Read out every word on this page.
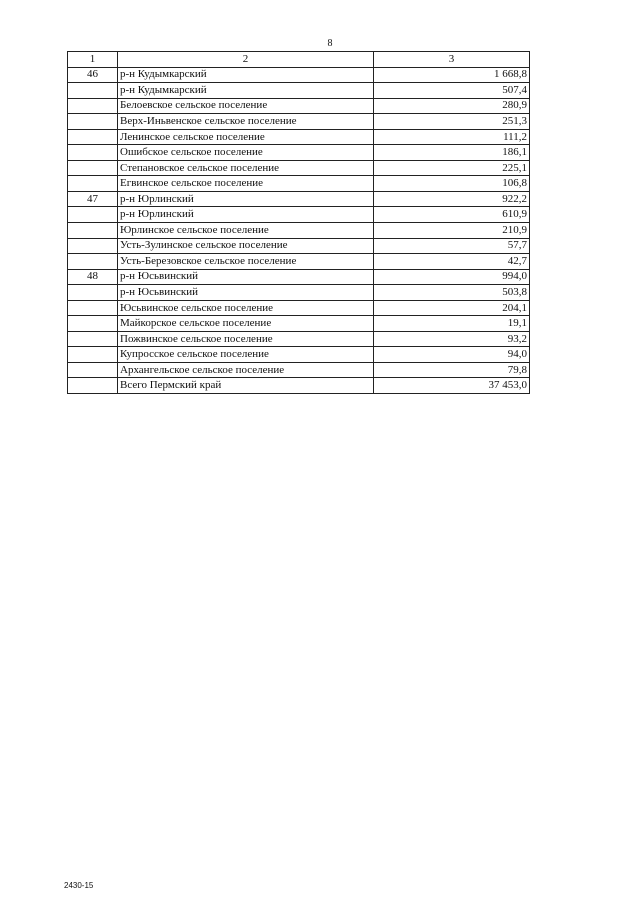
8
1	2	3
46	р-н Кудымкарский	1 668,8
	р-н Кудымкарский	507,4
	Белоевское сельское поселение	280,9
	Верх-Иньвенское сельское поселение	251,3
	Ленинское сельское поселение	111,2
	Ошибское сельское поселение	186,1
	Степановское сельское поселение	225,1
	Егвинское сельское поселение	106,8
47	р-н Юрлинский	922,2
	р-н Юрлинский	610,9
	Юрлинское сельское поселение	210,9
	Усть-Зулинское сельское поселение	57,7
	Усть-Березовское сельское поселение	42,7
48	р-н Юсьвинский	994,0
	р-н Юсьвинский	503,8
	Юсьвинское сельское поселение	204,1
	Майкорское сельское поселение	19,1
	Пожвинское сельское поселение	93,2
	Купросское сельское поселение	94,0
	Архангельское сельское поселение	79,8
	Всего Пермский край	37 453,0
2430-15
